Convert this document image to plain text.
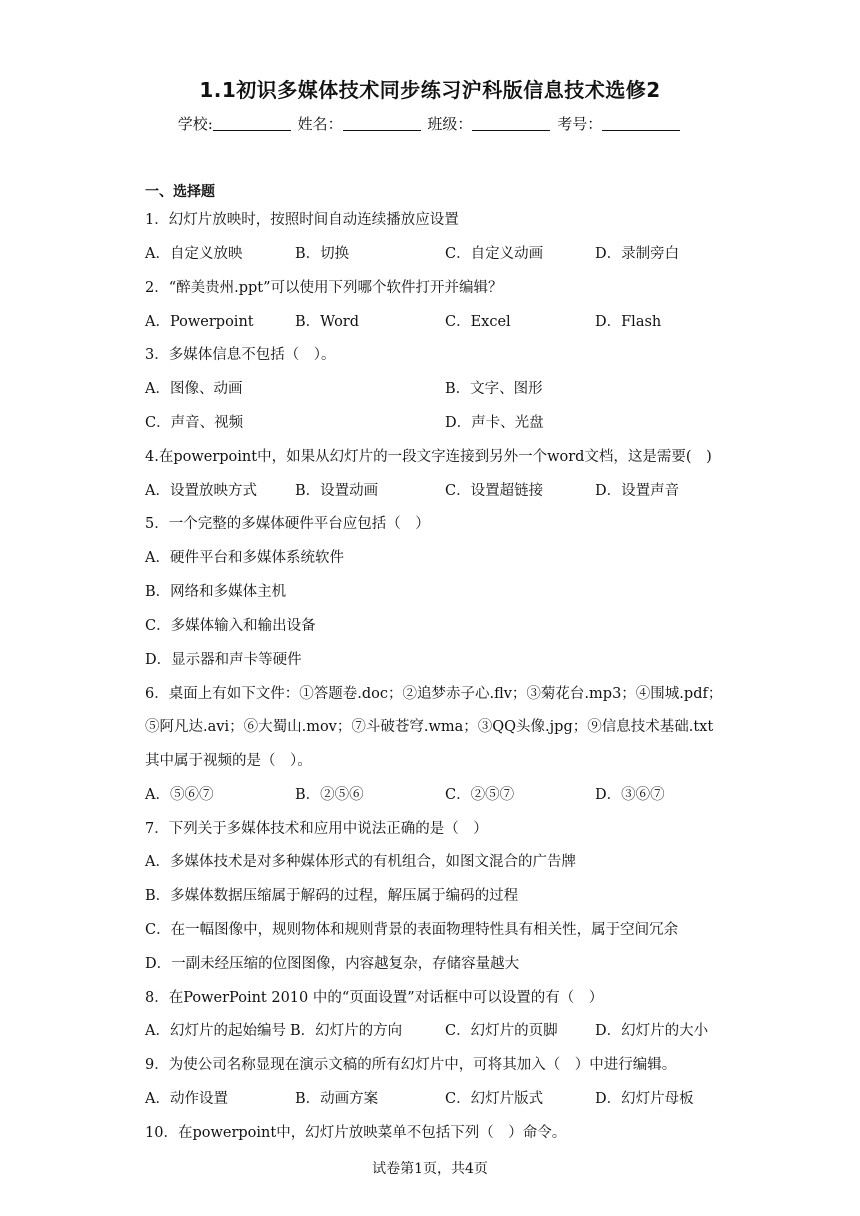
1.1初识多媒体技术同步练习沪科版信息技术选修2
学校:	姓名：	班级：	考号：
一、选择题
1．幻灯片放映时，按照时间自动连续播放应设置
A．自定义放映	B．切换	C．自定义动画	D．录制旁白
2．“醉美贵州.ppt”可以使用下列哪个软件打开并编辑？
A．Powerpoint	B．Word	C．Excel	D．Flash
3．多媒体信息不包括（　）。
A．图像、动画	B．文字、图形
C．声音、视频	D．声卡、光盘
4.在powerpoint中，如果从幻灯片的一段文字连接到另外一个word文档，这是需要(　)
A．设置放映方式	B．设置动画	C．设置超链接	D．设置声音
5．一个完整的多媒体硬件平台应包括（　）
A．硬件平台和多媒体系统软件
B．网络和多媒体主机
C．多媒体输入和输出设备
D．显示器和声卡等硬件
6．桌面上有如下文件：①答题卷.doc；②追梦赤子心.flv；③菊花台.mp3；④围城.pdf；
⑤阿凡达.avi；⑥大蜀山.mov；⑦斗破苍穹.wma；③QQ头像.jpg；⑨信息技术基础.txt
其中属于视频的是（　）。
A．⑤⑥⑦	B．②⑤⑥	C．②⑤⑦	D．③⑥⑦
7．下列关于多媒体技术和应用中说法正确的是（　）
A．多媒体技术是对多种媒体形式的有机组合，如图文混合的广告牌
B．多媒体数据压缩属于解码的过程，解压属于编码的过程
C．在一幅图像中，规则物体和规则背景的表面物理特性具有相关性，属于空间冗余
D．一副未经压缩的位图图像，内容越复杂，存储容量越大
8．在PowerPoint 2010 中的“页面设置”对话框中可以设置的有（　）
A．幻灯片的起始编号 B．幻灯片的方向	C．幻灯片的页脚	D．幻灯片的大小
9．为使公司名称显现在演示文稿的所有幻灯片中，可将其加入（　）中进行编辑。
A．动作设置	B．动画方案	C．幻灯片版式	D．幻灯片母板
10．在powerpoint中，幻灯片放映菜单不包括下列（　）命令。
试卷第1页，共4页
